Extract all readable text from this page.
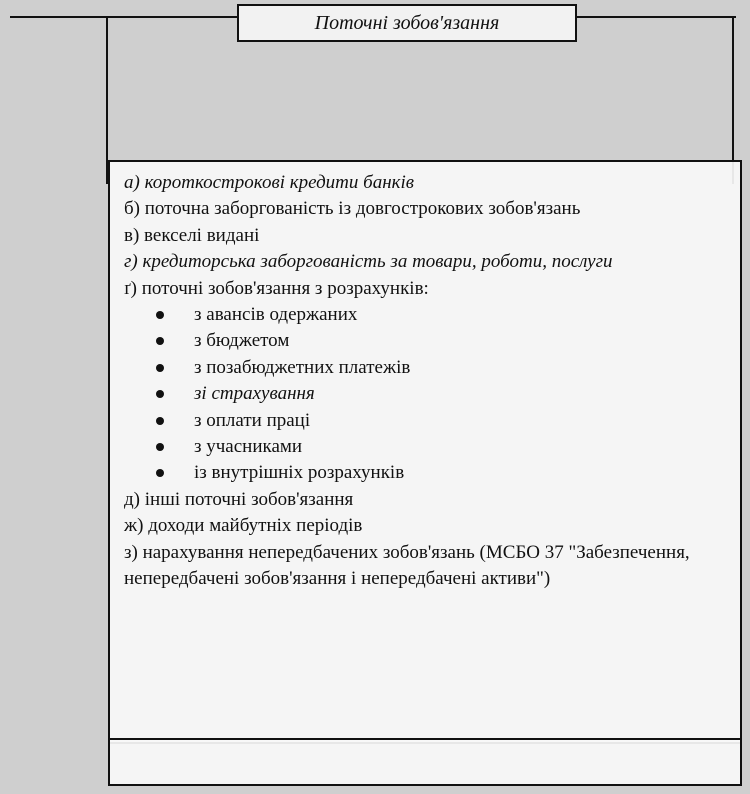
Поточні зобов'язання

а) короткострокові кредити банків

б) поточна заборгованість із довгострокових зобов'язань

в) векселі видані

г) кредиторська заборгованість за товари, роботи, послуги

ґ) поточні зобов'язання з розрахунків:

з авансів одержаних
з бюджетом
з позабюджетних платежів
зі страхування
з оплати праці
з учасниками
із внутрішніх розрахунків

д) інші поточні зобов'язання

ж) доходи майбутніх періодів

з) нарахування непередбачених зобов'язань (МСБО 37 "Забезпечення, непередбачені зобов'язання і непередбачені активи")
